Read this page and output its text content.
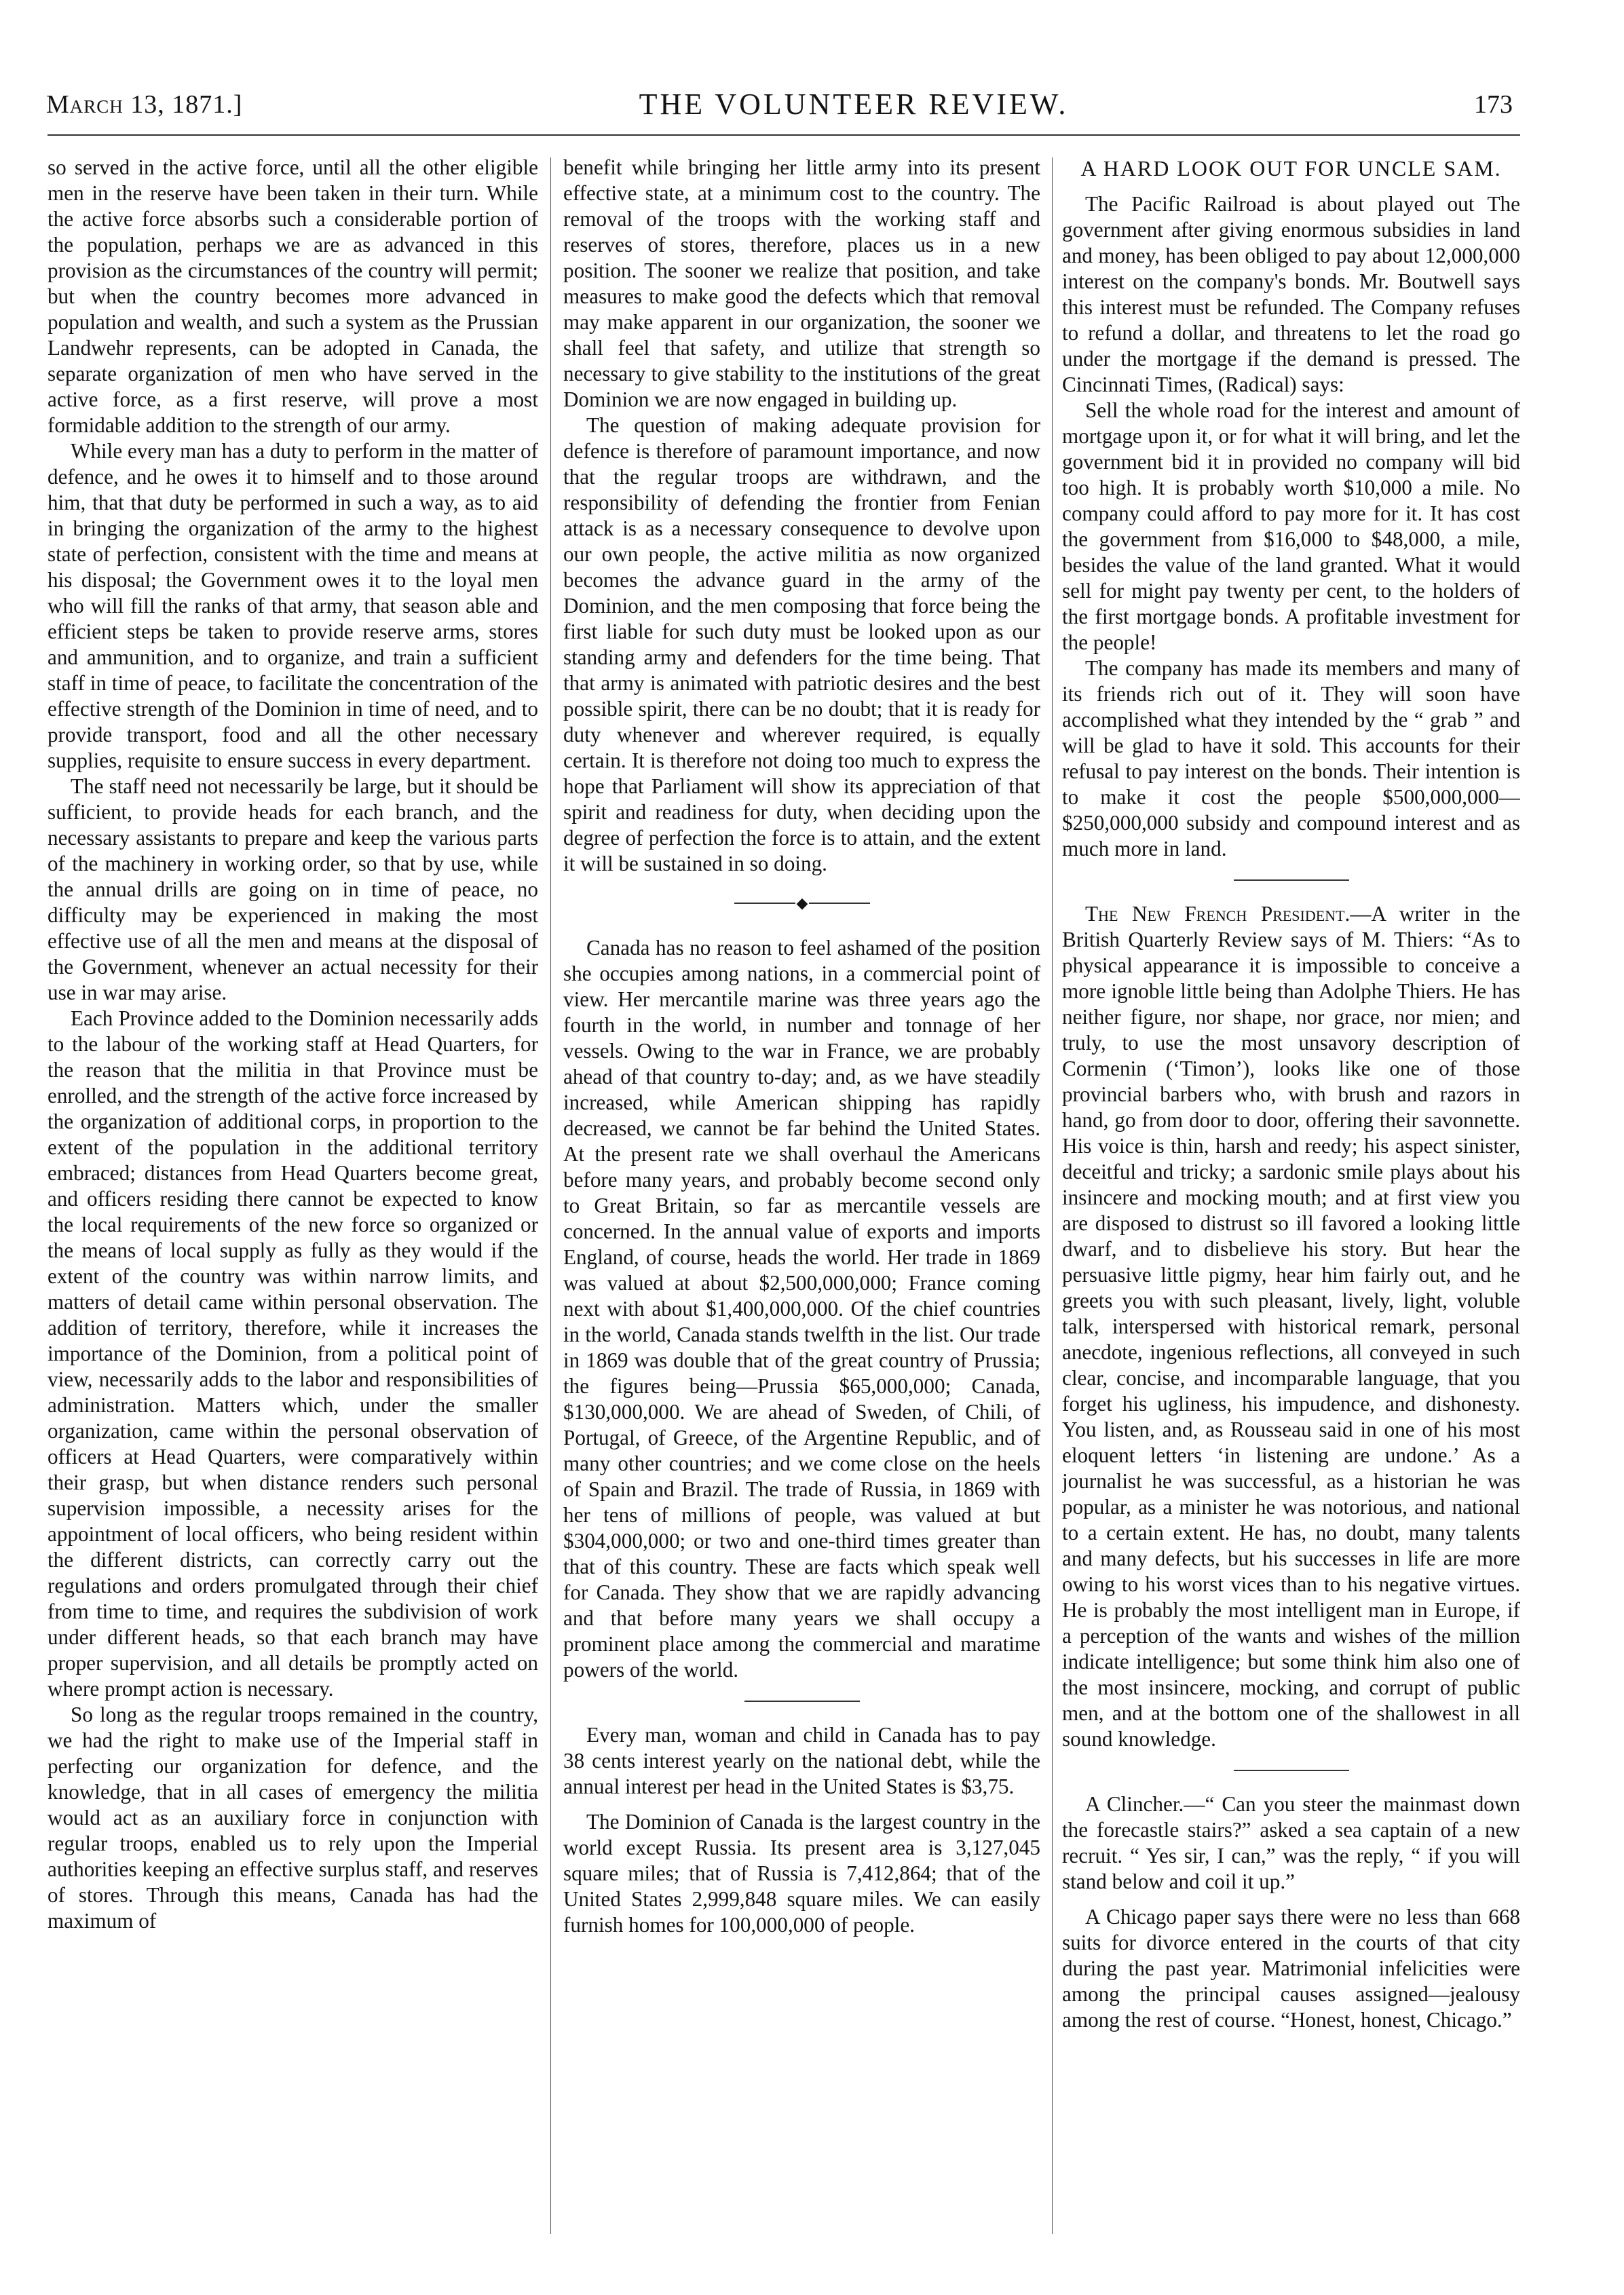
March 13, 1871.]	THE VOLUNTEER REVIEW.	173

so served in the active force, until all the other eligible men in the reserve have been taken in their turn. While the active force absorbs such a considerable portion of the population, perhaps we are as advanced in this provision as the circumstances of the country will permit; but when the country becomes more advanced in population and wealth, and such a system as the Prussian Landwehr represents, can be adopted in Canada, the separate organization of men who have served in the active force, as a first reserve, will prove a most formidable addition to the strength of our army.

While every man has a duty to perform in the matter of defence, and he owes it to himself and to those around him, that that duty be performed in such a way, as to aid in bringing the organization of the army to the highest state of perfection, consistent with the time and means at his disposal; the Government owes it to the loyal men who will fill the ranks of that army, that season able and efficient steps be taken to provide reserve arms, stores and ammunition, and to organize, and train a sufficient staff in time of peace, to facilitate the concentration of the effective strength of the Dominion in time of need, and to provide transport, food and all the other necessary supplies, requisite to ensure success in every department.

The staff need not necessarily be large, but it should be sufficient, to provide heads for each branch, and the necessary assistants to prepare and keep the various parts of the machinery in working order, so that by use, while the annual drills are going on in time of peace, no difficulty may be experienced in making the most effective use of all the men and means at the disposal of the Government, whenever an actual necessity for their use in war may arise.

Each Province added to the Dominion necessarily adds to the labour of the working staff at Head Quarters, for the reason that the militia in that Province must be enrolled, and the strength of the active force increased by the organization of additional corps, in proportion to the extent of the population in the additional territory embraced; distances from Head Quarters become great, and officers residing there cannot be expected to know the local requirements of the new force so organized or the means of local supply as fully as they would if the extent of the country was within narrow limits, and matters of detail came within personal observation. The addition of territory, therefore, while it increases the importance of the Dominion, from a political point of view, necessarily adds to the labor and responsibilities of administration. Matters which, under the smaller organization, came within the personal observation of officers at Head Quarters, were comparatively within their grasp, but when distance renders such personal supervision impossible, a necessity arises for the appointment of local officers, who being resident within the different districts, can correctly carry out the regulations and orders promulgated through their chief from time to time, and requires the subdivision of work under different heads, so that each branch may have proper supervision, and all details be promptly acted on where prompt action is necessary.

So long as the regular troops remained in the country, we had the right to make use of the Imperial staff in perfecting our organization for defence, and the knowledge, that in all cases of emergency the militia would act as an auxiliary force in conjunction with regular troops, enabled us to rely upon the Imperial authorities keeping an effective surplus staff, and reserves of stores. Through this means, Canada has had the maximum of

benefit while bringing her little army into its present effective state, at a minimum cost to the country. The removal of the troops with the working staff and reserves of stores, therefore, places us in a new position. The sooner we realize that position, and take measures to make good the defects which that removal may make apparent in our organization, the sooner we shall feel that safety, and utilize that strength so necessary to give stability to the institutions of the great Dominion we are now engaged in building up.

The question of making adequate provision for defence is therefore of paramount importance, and now that the regular troops are withdrawn, and the responsibility of defending the frontier from Fenian attack is as a necessary consequence to devolve upon our own people, the active militia as now organized becomes the advance guard in the army of the Dominion, and the men composing that force being the first liable for such duty must be looked upon as our standing army and defenders for the time being. That that army is animated with patriotic desires and the best possible spirit, there can be no doubt; that it is ready for duty whenever and wherever required, is equally certain. It is therefore not doing too much to express the hope that Parliament will show its appreciation of that spirit and readiness for duty, when deciding upon the degree of perfection the force is to attain, and the extent it will be sustained in so doing.

◆

Canada has no reason to feel ashamed of the position she occupies among nations, in a commercial point of view. Her mercantile marine was three years ago the fourth in the world, in number and tonnage of her vessels. Owing to the war in France, we are probably ahead of that country to-day; and, as we have steadily increased, while American shipping has rapidly decreased, we cannot be far behind the United States. At the present rate we shall overhaul the Americans before many years, and probably become second only to Great Britain, so far as mercantile vessels are concerned. In the annual value of exports and imports England, of course, heads the world. Her trade in 1869 was valued at about $2,500,000,000; France coming next with about $1,400,000,000. Of the chief countries in the world, Canada stands twelfth in the list. Our trade in 1869 was double that of the great country of Prussia; the figures being—Prussia $65,000,000; Canada, $130,000,000. We are ahead of Sweden, of Chili, of Portugal, of Greece, of the Argentine Republic, and of many other countries; and we come close on the heels of Spain and Brazil. The trade of Russia, in 1869 with her tens of millions of people, was valued at but $304,000,000; or two and one-third times greater than that of this country. These are facts which speak well for Canada. They show that we are rapidly advancing and that before many years we shall occupy a prominent place among the commercial and maratime powers of the world.

Every man, woman and child in Canada has to pay 38 cents interest yearly on the national debt, while the annual interest per head in the United States is $3,75.

The Dominion of Canada is the largest country in the world except Russia. Its present area is 3,127,045 square miles; that of Russia is 7,412,864; that of the United States 2,999,848 square miles. We can easily furnish homes for 100,000,000 of people.

A HARD LOOK OUT FOR UNCLE SAM.

The Pacific Railroad is about played out The government after giving enormous subsidies in land and money, has been obliged to pay about 12,000,000 interest on the company's bonds. Mr. Boutwell says this interest must be refunded. The Company refuses to refund a dollar, and threatens to let the road go under the mortgage if the demand is pressed. The Cincinnati Times, (Radical) says:

Sell the whole road for the interest and amount of mortgage upon it, or for what it will bring, and let the government bid it in provided no company will bid too high. It is probably worth $10,000 a mile. No company could afford to pay more for it. It has cost the government from $16,000 to $48,000, a mile, besides the value of the land granted. What it would sell for might pay twenty per cent, to the holders of the first mortgage bonds. A profitable investment for the people!

The company has made its members and many of its friends rich out of it. They will soon have accomplished what they intended by the “ grab ” and will be glad to have it sold. This accounts for their refusal to pay interest on the bonds. Their intention is to make it cost the people $500,000,000—$250,000,000 subsidy and compound interest and as much more in land.

The New French President.—A writer in the British Quarterly Review says of M. Thiers: “As to physical appearance it is impossible to conceive a more ignoble little being than Adolphe Thiers. He has neither figure, nor shape, nor grace, nor mien; and truly, to use the most unsavory description of Cormenin (‘Timon’), looks like one of those provincial barbers who, with brush and razors in hand, go from door to door, offering their savonnette. His voice is thin, harsh and reedy; his aspect sinister, deceitful and tricky; a sardonic smile plays about his insincere and mocking mouth; and at first view you are disposed to distrust so ill favored a looking little dwarf, and to disbelieve his story. But hear the persuasive little pigmy, hear him fairly out, and he greets you with such pleasant, lively, light, voluble talk, interspersed with historical remark, personal anecdote, ingenious reflections, all conveyed in such clear, concise, and incomparable language, that you forget his ugliness, his impudence, and dishonesty. You listen, and, as Rousseau said in one of his most eloquent letters ‘in listening are undone.’ As a journalist he was successful, as a historian he was popular, as a minister he was notorious, and national to a certain extent. He has, no doubt, many talents and many defects, but his successes in life are more owing to his worst vices than to his negative virtues. He is probably the most intelligent man in Europe, if a perception of the wants and wishes of the million indicate intelligence; but some think him also one of the most insincere, mocking, and corrupt of public men, and at the bottom one of the shallowest in all sound knowledge.

A Clincher.—“ Can you steer the mainmast down the forecastle stairs?” asked a sea captain of a new recruit. “ Yes sir, I can,” was the reply, “ if you will stand below and coil it up.”

A Chicago paper says there were no less than 668 suits for divorce entered in the courts of that city during the past year. Matrimonial infelicities were among the principal causes assigned—jealousy among the rest of course. “Honest, honest, Chicago.”
